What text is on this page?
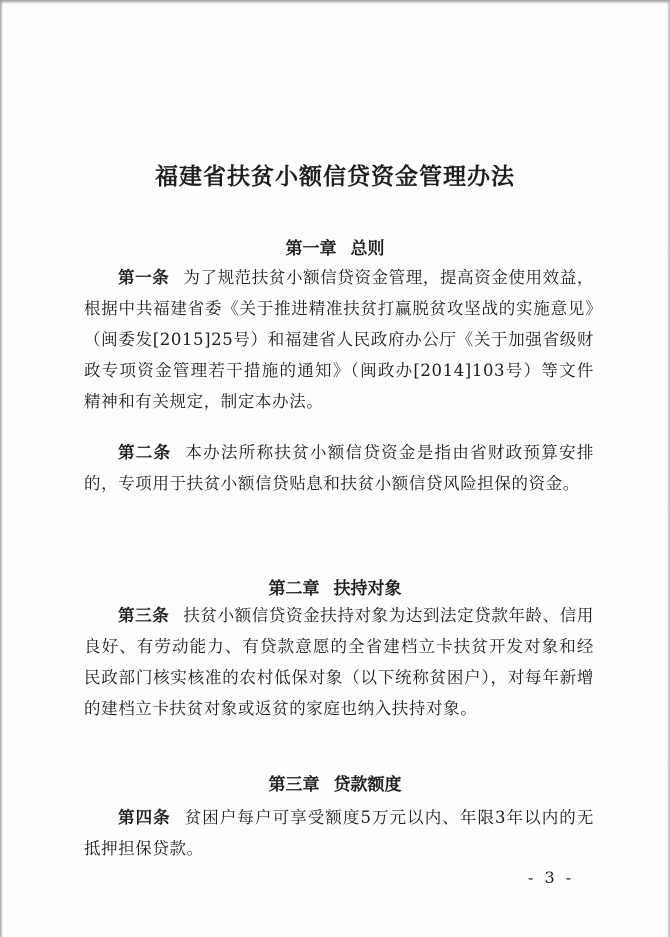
福建省扶贫小额信贷资金管理办法
第一章 总则

第一条 为了规范扶贫小额信贷资金管理，提高资金使用效益，根据中共福建省委《关于推进精准扶贫打赢脱贫攻坚战的实施意见》（闽委发[2015]25号）和福建省人民政府办公厅《关于加强省级财政专项资金管理若干措施的通知》（闽政办[2014]103号）等文件精神和有关规定，制定本办法。

第二条 本办法所称扶贫小额信贷资金是指由省财政预算安排的，专项用于扶贫小额信贷贴息和扶贫小额信贷风险担保的资金。

第二章 扶持对象

第三条 扶贫小额信贷资金扶持对象为达到法定贷款年龄、信用良好、有劳动能力、有贷款意愿的全省建档立卡扶贫开发对象和经民政部门核实核准的农村低保对象（以下统称贫困户），对每年新增的建档立卡扶贫对象或返贫的家庭也纳入扶持对象。

第三章 贷款额度

第四条 贫困户每户可享受额度5万元以内、年限3年以内的无抵押担保贷款。

- 3 -
